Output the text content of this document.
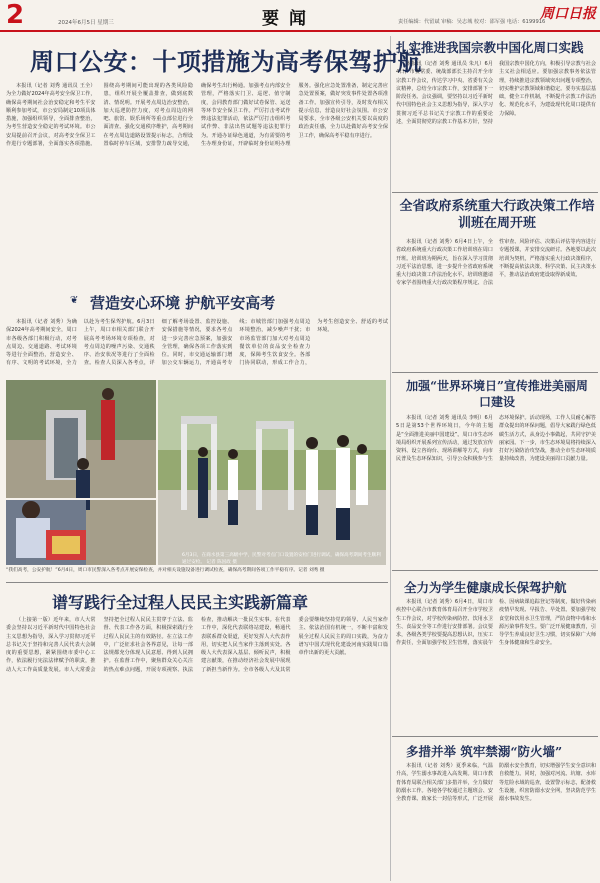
2	2024年6月5日 星期三	要闻	责任编辑：代留斌 审稿：吴志城 校对：邵军强 电话：6199916
周口日报
周口公安：十项措施为高考保驾护航

本报讯（记者 刘秀 通讯员 王全）为全力做好2024年高考安全保卫工作，确保高考期间社会治安稳定和考生平安顺利参加考试，市公安局制定10项具体措施，加强组织领导，全面排查整治，为考生营造安全稳定的考试环境。市公安局提前召开会议，对高考安全保卫工作进行专题部署，全面落实各项措施。围绕高考期间可能出现的各类风险隐患，组织开展全覆盖排查，做到底数清、情况明。开展考点周边治安整治，加大巡逻防控力度，对考点周边的网吧、旅馆、娱乐场所等重点部位进行全面清查。强化交通秩序维护，高考期间在考点周边道路设置提示标志，合理设置临时停车区域，安排警力疏导交通，确保考生出行畅通。加强考点内部安全管理，严格落实门卫、巡逻、值守制度，会同教育部门做好试卷保管、运送等环节安全保卫工作。严厉打击考试作弊违法犯罪活动，依法严厉打击组织考试作弊、非法出售试题等违法犯罪行为。开通办证绿色通道，为有需要的考生办理身份证，开辟临时身份证明办理服务。强化应急处置准备，制定完善应急处置预案，做好突发事件处置各项准备工作。加强宣传引导，及时发布相关提示信息，营造良好社会氛围。市公安局要求，全市各级公安机关要以高度的政治责任感，全力以赴做好高考安全保卫工作，确保高考平稳有序进行。

❦ 营造安心环境 护航平安高考

本报讯（记者 刘秀）为确保2024年高考期间安全，周口市各级各部门积极行动，对考点周边、交通道路、考试环境等进行全面整治，营造安全、有序、文明的考试环境，全力以赴为考生保驾护航。6月3日上午，周口市相关部门联合开展高考考场环境专项检查，对考点周边的噪声污染、交通秩序、治安状况等进行了全面检查。检查人员深入各考点，详细了解考场设置、监控设施、安保措施等情况，要求各考点进一步完善应急预案，加强安全管理，确保各项工作落实到位。同时，市交通运输部门增加公交车辆运力，开通高考专线；市城管部门加强考点周边环境整治，减少噪声干扰；市市场监管部门加大对考点周边餐饮单位的食品安全检查力度，保障考生饮食安全。各部门协同联动，形成工作合力，为考生创造安全、舒适的考试环境。

6月3日，在商水县第三高级中学，民警对考点门口设置的安检门进行调试，确保高考期间考生顺利通过安检。 记者 陈国政 摄
“我们高考，公安护航！”6月4日，周口市民警深入各考点开展安保检查，并对相关设施设备进行调试检查，确保高考期间各项工作平稳有序。记者 刘秀 摄
谱写践行全过程人民民主实践新篇章

（上接第一版）近年来，市人大常委会坚持以习近平新时代中国特色社会主义思想为指导，深入学习贯彻习近平总书记关于坚持和完善人民代表大会制度的重要思想，紧紧围绕市委中心工作，依法履行宪法法律赋予的职责，推动人大工作高质量发展。市人大常委会坚持把全过程人民民主贯穿于立法、监督、代表工作各方面，积极探索践行全过程人民民主的有效路径。在立法工作中，广泛征求社会各界意见，让每一部法规都充分体现人民意愿、得到人民拥护。在监督工作中，聚焦群众关心关注的热点难点问题，开展专项视察、执法检查，推动解决一批民生实事。在代表工作中，深化代表联络站建设，畅通代表联系群众渠道，更好发挥人大代表作用，切实把人民当家作主落到实处。各级人大代表深入基层、倾听民声，积极建言献策，在推动经济社会发展中展现了新担当新作为。全市各级人大及其常委会要继续坚持党的领导、人民当家作主、依法治国有机统一，不断丰富和发展全过程人民民主的周口实践，为奋力谱写中国式现代化建设河南实践周口篇章作出新的更大贡献。

扎实推进我国宗教中国化周口实践

本报讯（记者 刘秀 通讯员 朱凡）6月4日，市委常委、统战部部长主持召开全市宗教工作会议，传达学习中央、省委有关会议精神，总结全市宗教工作，安排部署下一阶段任务。会议强调，要坚持以习近平新时代中国特色社会主义思想为指导，深入学习贯彻习近平总书记关于宗教工作的重要论述，全面贯彻党的宗教工作基本方针，坚持我国宗教中国化方向，积极引导宗教与社会主义社会相适应。要加强宗教事务依法管理，持续推进宗教领域突出问题专项整治，切实维护宗教领域和谐稳定。要夯实基层基础，健全工作机制，不断提升宗教工作法治化、规范化水平，为建设现代化周口提供有力保障。

全省政府系统重大行政决策工作培训班在周开班

本报讯（记者 刘秀）6月4日上午，全省政府系统重大行政决策工作培训班在周口开班。培训班为期两天，旨在深入学习贯彻习近平法治思想，进一步提升全省政府系统重大行政决策工作法治化水平。培训班邀请专家学者围绕重大行政决策程序规定、合法性审查、风险评估、决策后评估等内容进行专题授课，并安排交流研讨。各地要以此次培训为契机，严格落实重大行政决策程序，不断提高依法决策、科学决策、民主决策水平，推动法治政府建设取得新成效。

加强“世界环境日”宣传推进美丽周口建设

本报讯（记者 刘秀 通讯员 李明）6月5日是第53个世界环境日，今年的主题是“全面推进美丽中国建设”。周口市生态环境局组织开展系列宣传活动，通过发放宣传资料、设立咨询台、现场讲解等方式，向市民普及生态环保知识，引导公众积极参与生态环境保护。活动现场，工作人员耐心解答群众提出的环保问题，倡导大家践行绿色低碳生活方式，从身边小事做起，共同守护美丽家园。下一步，市生态环境局将持续深入打好污染防治攻坚战，推动全市生态环境质量持续改善，为建设美丽周口贡献力量。

全力为学生健康成长保驾护航

本报讯（记者 刘秀）6月4日，周口市疾控中心联合市教育体育局召开全市学校卫生工作会议，对学校传染病防控、饮用水卫生、食品安全等工作进行安排部署。会议要求，各级各类学校要提高思想认识，压实工作责任，全面加强学校卫生管理，落实晨午检、因病缺课追踪登记等制度，做好传染病疫情早发现、早报告、早处置。要加强学校食堂和饮用水卫生管理，严防食物中毒和水源污染事件发生。要广泛开展健康教育，引导学生养成良好卫生习惯，切实保障广大师生身体健康和生命安全。

多措并举 筑牢禁溺“防火墙”

本报讯（记者 刘秀）夏季来临，气温升高，学生溺水事故进入高发期。周口市教育体育局联合相关部门多措并举，全力做好防溺水工作。各地各学校通过主题班会、安全教育课、致家长一封信等形式，广泛开展防溺水安全教育，切实增强学生安全意识和自救能力。同时，加强对河流、坑塘、水库等危险水域的巡查，设置警示标志，配备救生设施，织密防溺水安全网，坚决防范学生溺水事故发生。
